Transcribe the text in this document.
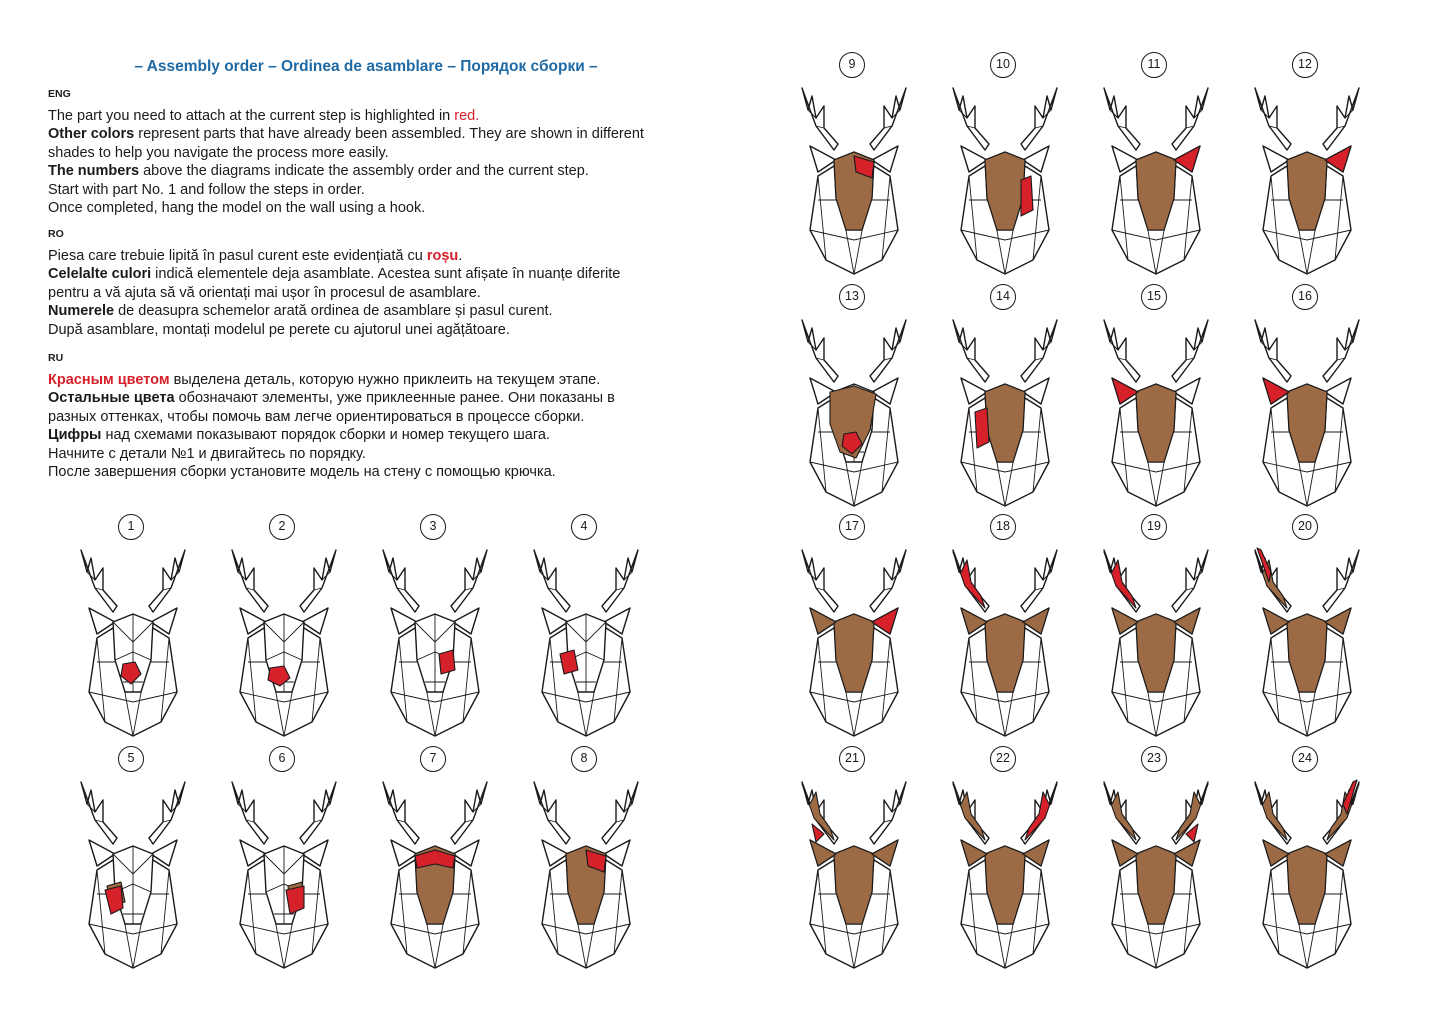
– Assembly order – Ordinea de asamblare – Порядок сборки –
ENG

The part you need to attach at the current step is highlighted in red.

Other colors represent parts that have already been assembled. They are shown in different

shades to help you navigate the process more easily.

The numbers above the diagrams indicate the assembly order and the current step.

Start with part No. 1 and follow the steps in order.

Once completed, hang the model on the wall using a hook.

RO

Piesa care trebuie lipită în pasul curent este evidențiată cu roșu.

Celelalte culori indică elementele deja asamblate. Acestea sunt afișate în nuanțe diferite

pentru a vă ajuta să vă orientați mai ușor în procesul de asamblare.

Numerele de deasupra schemelor arată ordinea de asamblare și pasul curent.

După asamblare, montați modelul pe perete cu ajutorul unei agățătoare.

RU

Красным цветом выделена деталь, которую нужно приклеить на текущем этапе.

Остальные цвета обозначают элементы, уже приклеенные ранее. Они показаны в

разных оттенках, чтобы помочь вам легче ориентироваться в процессе сборки.

Цифры над схемами показывают порядок сборки и номер текущего шага.

Начните с детали №1 и двигайтесь по порядку.

После завершения сборки установите модель на стену с помощью крючка.

1	2	3	4
5	6	7	8
9	10	11	12
13	14	15	16
17	18	19	20
21	22	23	24
